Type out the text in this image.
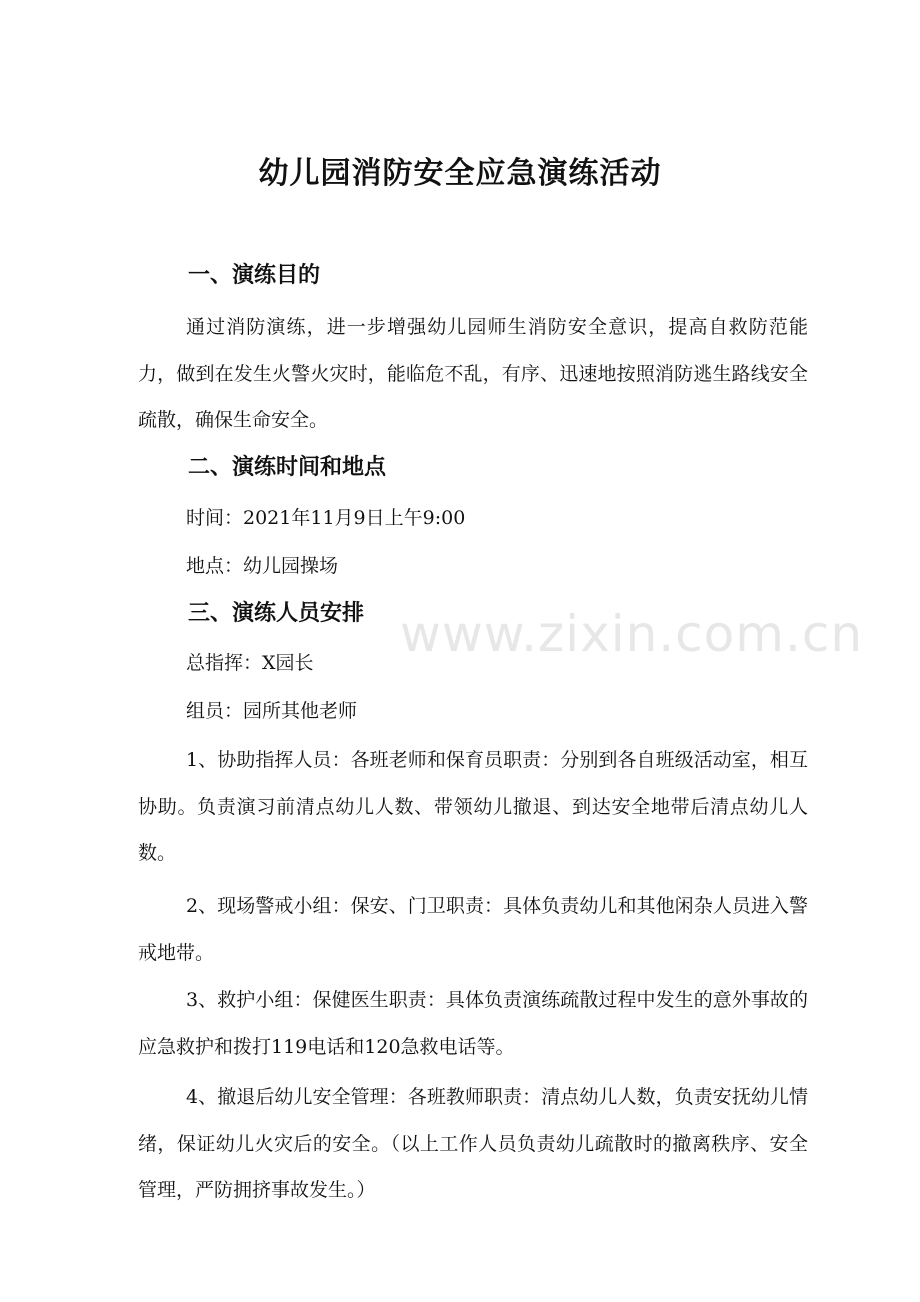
幼儿园消防安全应急演练活动
一、演练目的
通过消防演练，进一步增强幼儿园师生消防安全意识，提高自救防范能力，做到在发生火警火灾时，能临危不乱，有序、迅速地按照消防逃生路线安全疏散，确保生命安全。
二、演练时间和地点
时间：2021年11月9日上午9:00
地点：幼儿园操场
三、演练人员安排
总指挥：X园长
组员：园所其他老师
1、协助指挥人员：各班老师和保育员职责：分别到各自班级活动室，相互协助。负责演习前清点幼儿人数、带领幼儿撤退、到达安全地带后清点幼儿人数。
2、现场警戒小组：保安、门卫职责：具体负责幼儿和其他闲杂人员进入警戒地带。
3、救护小组：保健医生职责：具体负责演练疏散过程中发生的意外事故的应急救护和拨打119电话和120急救电话等。
4、撤退后幼儿安全管理：各班教师职责：清点幼儿人数，负责安抚幼儿情绪，保证幼儿火灾后的安全。（以上工作人员负责幼儿疏散时的撤离秩序、安全管理，严防拥挤事故发生。）
www.zixin.com.cn
